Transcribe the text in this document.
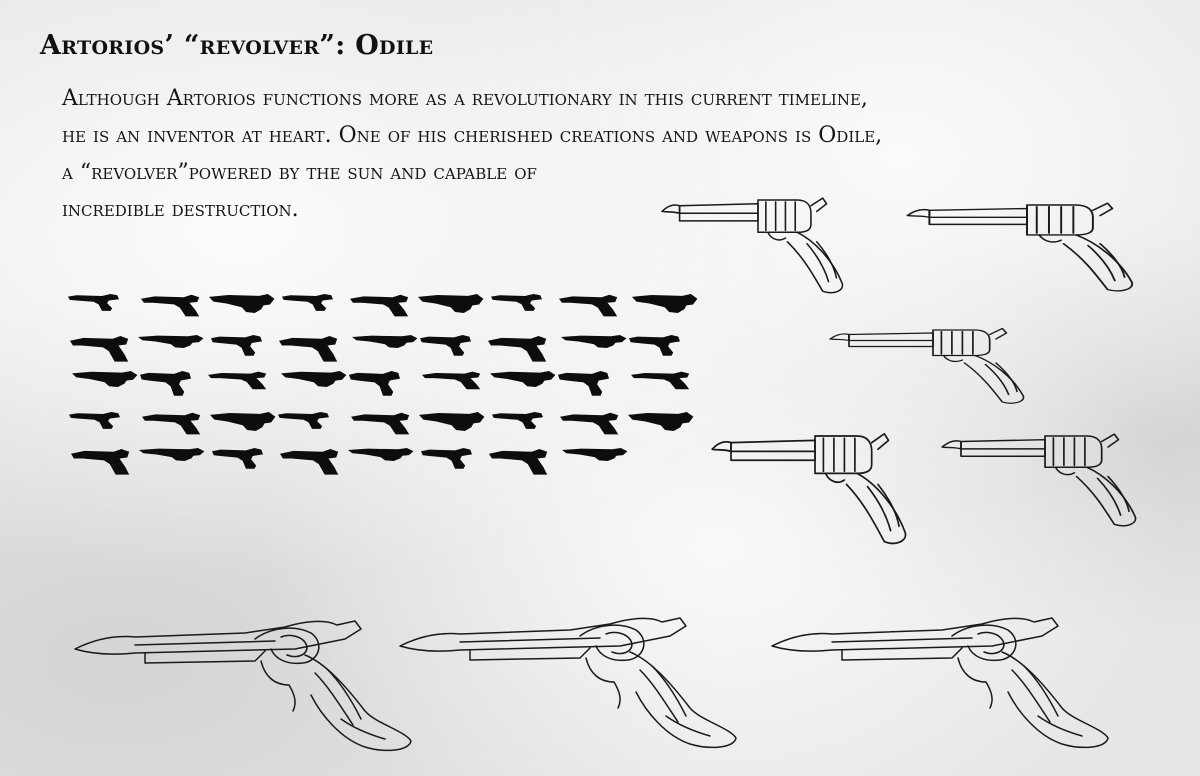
Artorios’ “revolver”: Odile
Although Artorios functions more as a revolutionary in this current timeline,
he is an inventor at heart. One of his cherished creations and weapons is Odile,
a “revolver”powered by the sun and capable of
incredible destruction.
